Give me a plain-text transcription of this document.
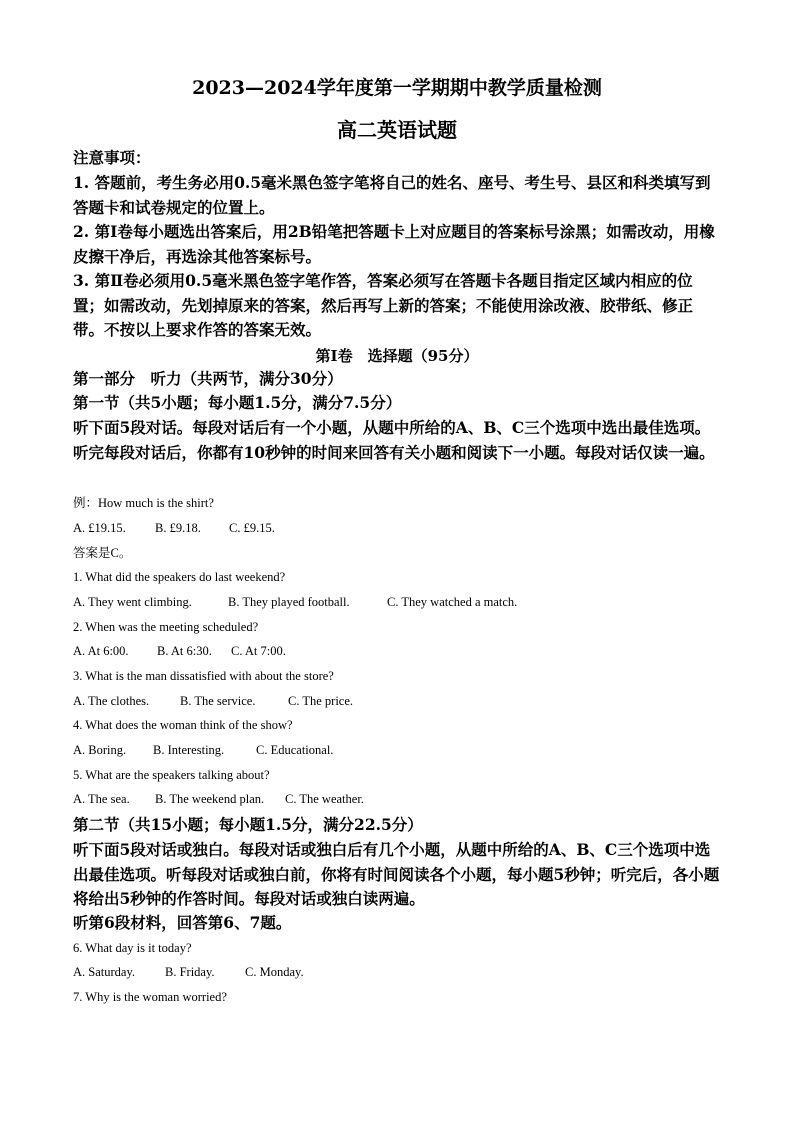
2023—2024学年度第一学期期中教学质量检测
高二英语试题
注意事项：
1. 答题前，考生务必用0.5毫米黑色签字笔将自己的姓名、座号、考生号、县区和科类填写到答题卡和试卷规定的位置上。
2. 第Ⅰ卷每小题选出答案后，用2B铅笔把答题卡上对应题目的答案标号涂黑；如需改动，用橡皮擦干净后，再选涂其他答案标号。
3. 第Ⅱ卷必须用0.5毫米黑色签字笔作答，答案必须写在答题卡各题目指定区域内相应的位置；如需改动，先划掉原来的答案，然后再写上新的答案；不能使用涂改液、胶带纸、修正带。不按以上要求作答的答案无效。
第Ⅰ卷　选择题（95分）
第一部分　听力（共两节，满分30分）
第一节（共5小题；每小题1.5分，满分7.5分）
听下面5段对话。每段对话后有一个小题，从题中所给的A、B、C三个选项中选出最佳选项。听完每段对话后，你都有10秒钟的时间来回答有关小题和阅读下一小题。每段对话仅读一遍。
例：How much is the shirt?
A. £19.15. B. £9.18. C. £9.15.
答案是C。
1. What did the speakers do last weekend?
A. They went climbing.	B. They played football.	C. They watched a match.
2. When was the meeting scheduled?
A. At 6:00. B. At 6:30. C. At 7:00.
3. What is the man dissatisfied with about the store?
A. The clothes. B. The service.	C. The price.
4. What does the woman think of the show?
A. Boring. B. Interesting.	C. Educational.
5. What are the speakers talking about?
A. The sea. B. The weekend plan. C. The weather.
第二节（共15小题；每小题1.5分，满分22.5分）
听下面5段对话或独白。每段对话或独白后有几个小题，从题中所给的A、B、C三个选项中选出最佳选项。听每段对话或独白前，你将有时间阅读各个小题，每小题5秒钟；听完后，各小题将给出5秒钟的作答时间。每段对话或独白读两遍。
听第6段材料，回答第6、7题。
6. What day is it today?
A. Saturday. B. Friday. C. Monday.
7. Why is the woman worried?
